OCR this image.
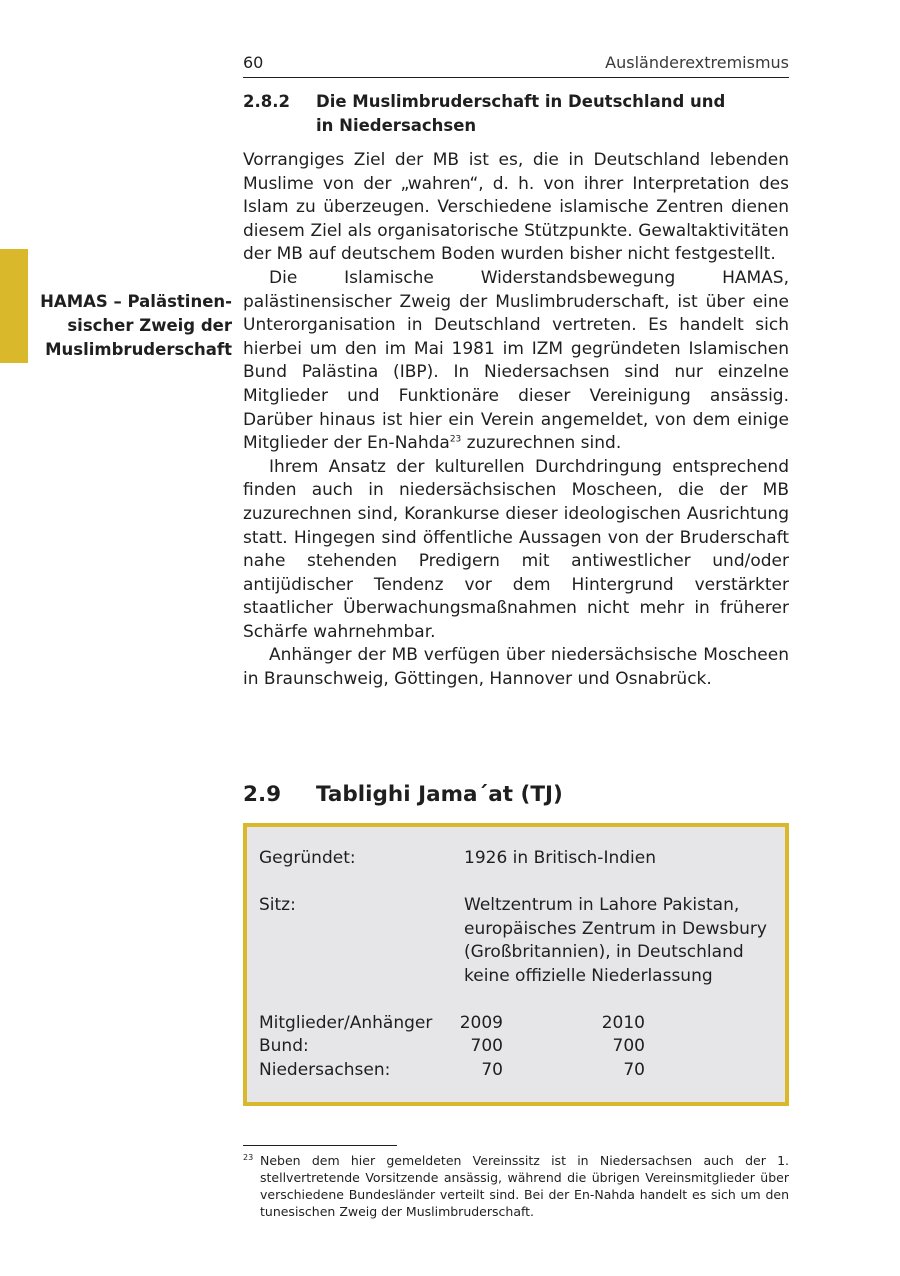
60	Ausländerextremismus
2.8.2 Die Muslimbruderschaft in Deutschland und in Niedersachsen
HAMAS – Palästinen-
sischer Zweig der
Muslimbruderschaft

Vorrangiges Ziel der MB ist es, die in Deutschland lebenden Muslime von der „wahren“, d. h. von ihrer Interpretation des Islam zu überzeugen. Verschiedene islamische Zentren dienen diesem Ziel als organisatorische Stützpunkte. Gewaltaktivitäten der MB auf deutschem Boden wurden bisher nicht festgestellt.

Die Islamische Widerstandsbewegung HAMAS, palästinensischer Zweig der Muslimbruderschaft, ist über eine Unterorganisation in Deutschland vertreten. Es handelt sich hierbei um den im Mai 1981 im IZM gegründeten Islamischen Bund Palästina (IBP). In Niedersachsen sind nur einzelne Mitglieder und Funktionäre dieser Vereinigung ansässig. Darüber hinaus ist hier ein Verein angemeldet, von dem einige Mitglieder der En-Nahda$^{23}$ zuzurechnen sind.

Ihrem Ansatz der kulturellen Durchdringung entsprechend finden auch in niedersächsischen Moscheen, die der MB zuzurechnen sind, Korankurse dieser ideologischen Ausrichtung statt. Hingegen sind öffentliche Aussagen von der Bruderschaft nahe stehenden Predigern mit antiwestlicher und/oder antijüdischer Tendenz vor dem Hintergrund verstärkter staatlicher Überwachungsmaßnahmen nicht mehr in früherer Schärfe wahrnehmbar.

Anhänger der MB verfügen über niedersächsische Moscheen in Braunschweig, Göttingen, Hannover und Osnabrück.

2.9 Tablighi Jama´at (TJ)
Gegründet:	1926 in Britisch-Indien
Sitz:	Weltzentrum in Lahore Pakistan,
europäisches Zentrum in Dewsbury
(Großbritannien), in Deutschland
keine offizielle Niederlassung
Mitglieder/Anhänger 2009	2010
Bund:	700	700
Niedersachsen:	70	70
23 Neben dem hier gemeldeten Vereinssitz ist in Niedersachsen auch der 1. stellvertretende Vorsitzende ansässig, während die übrigen Vereinsmitglieder über verschiedene Bundesländer verteilt sind. Bei der En-Nahda handelt es sich um den tunesischen Zweig der Muslimbruderschaft.
